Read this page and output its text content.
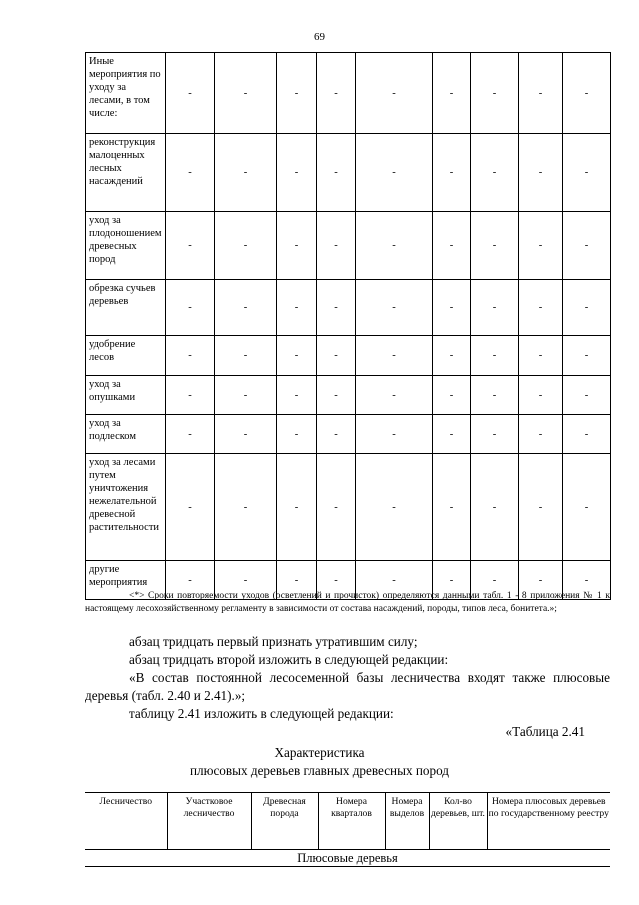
69
Иные мероприятия по уходу за лесами, в том числе:	-	-	-	-	-	-	-	-	-
реконструкция малоценных лесных насаждений	-	-	-	-	-	-	-	-	-
уход за плодоношением древесных пород	-	-	-	-	-	-	-	-	-
обрезка сучьев деревьев	-	-	-	-	-	-	-	-	-
удобрение лесов	-	-	-	-	-	-	-	-	-
уход за опушками	-	-	-	-	-	-	-	-	-
уход за подлеском	-	-	-	-	-	-	-	-	-
уход за лесами путем уничтожения нежелательной древесной растительности	-	-	-	-	-	-	-	-	-
другие мероприятия	-	-	-	-	-	-	-	-	-

<*> Сроки повторяемости уходов (осветлений и прочисток) определяются данными табл. 1 - 8 приложения № 1 к настоящему лесохозяйственному регламенту в зависимости от состава насаждений, породы, типов леса, бонитета.»;

абзац тридцать первый признать утратившим силу;

абзац тридцать второй изложить в следующей редакции:

«В состав постоянной лесосеменной базы лесничества входят также плюсовые деревья (табл. 2.40 и 2.41).»;

таблицу 2.41 изложить в следующей редакции:

«Таблица 2.41

Характеристика
плюсовых деревьев главных древесных пород
Лесничество	Участковое лесничество	Древесная порода	Номера кварталов	Номера выделов	Кол-во деревьев, шт.	Номера плюсовых деревьев по государственному реестру
Плюсовые деревья
